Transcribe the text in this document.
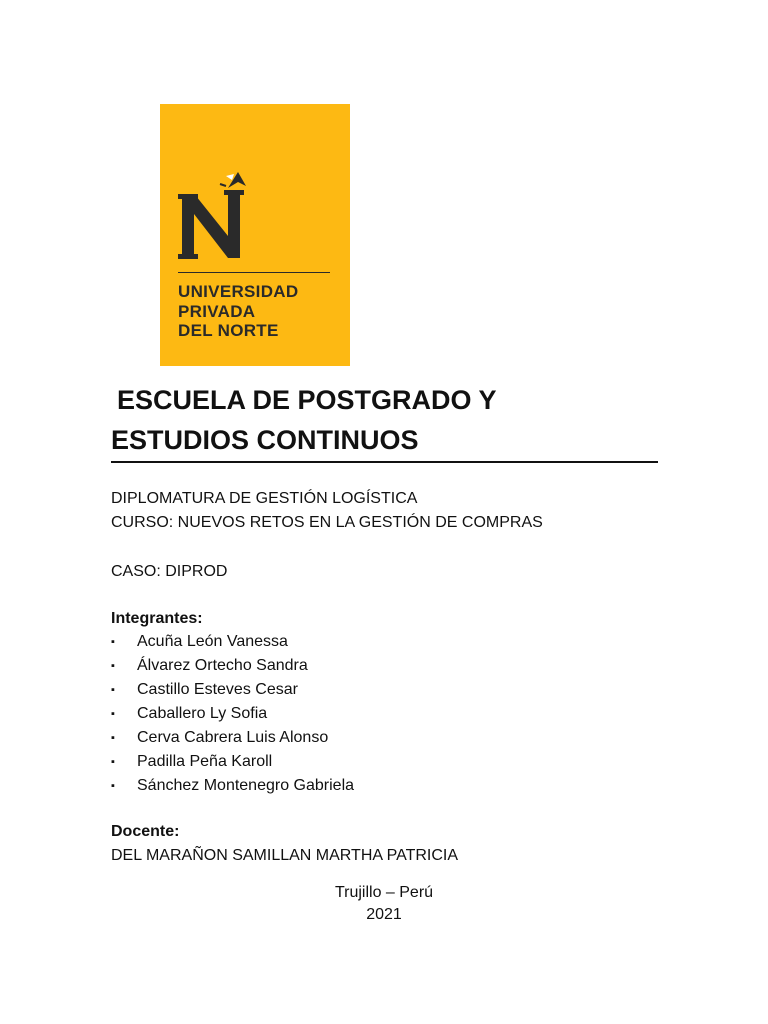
UNIVERSIDAD
PRIVADA
DEL NORTE
ESCUELA DE POSTGRADO Y
ESTUDIOS CONTINUOS
DIPLOMATURA DE GESTIÓN LOGÍSTICA
CURSO: NUEVOS RETOS EN LA GESTIÓN DE COMPRAS
CASO: DIPROD
Integrantes:
▪	Acuña León Vanessa
▪	Álvarez Ortecho Sandra
▪	Castillo Esteves Cesar
▪	Caballero Ly Sofia
▪	Cerva Cabrera Luis Alonso
▪	Padilla Peña Karoll
▪	Sánchez Montenegro Gabriela
Docente:
DEL MARAÑON SAMILLAN MARTHA PATRICIA
Trujillo – Perú
2021
